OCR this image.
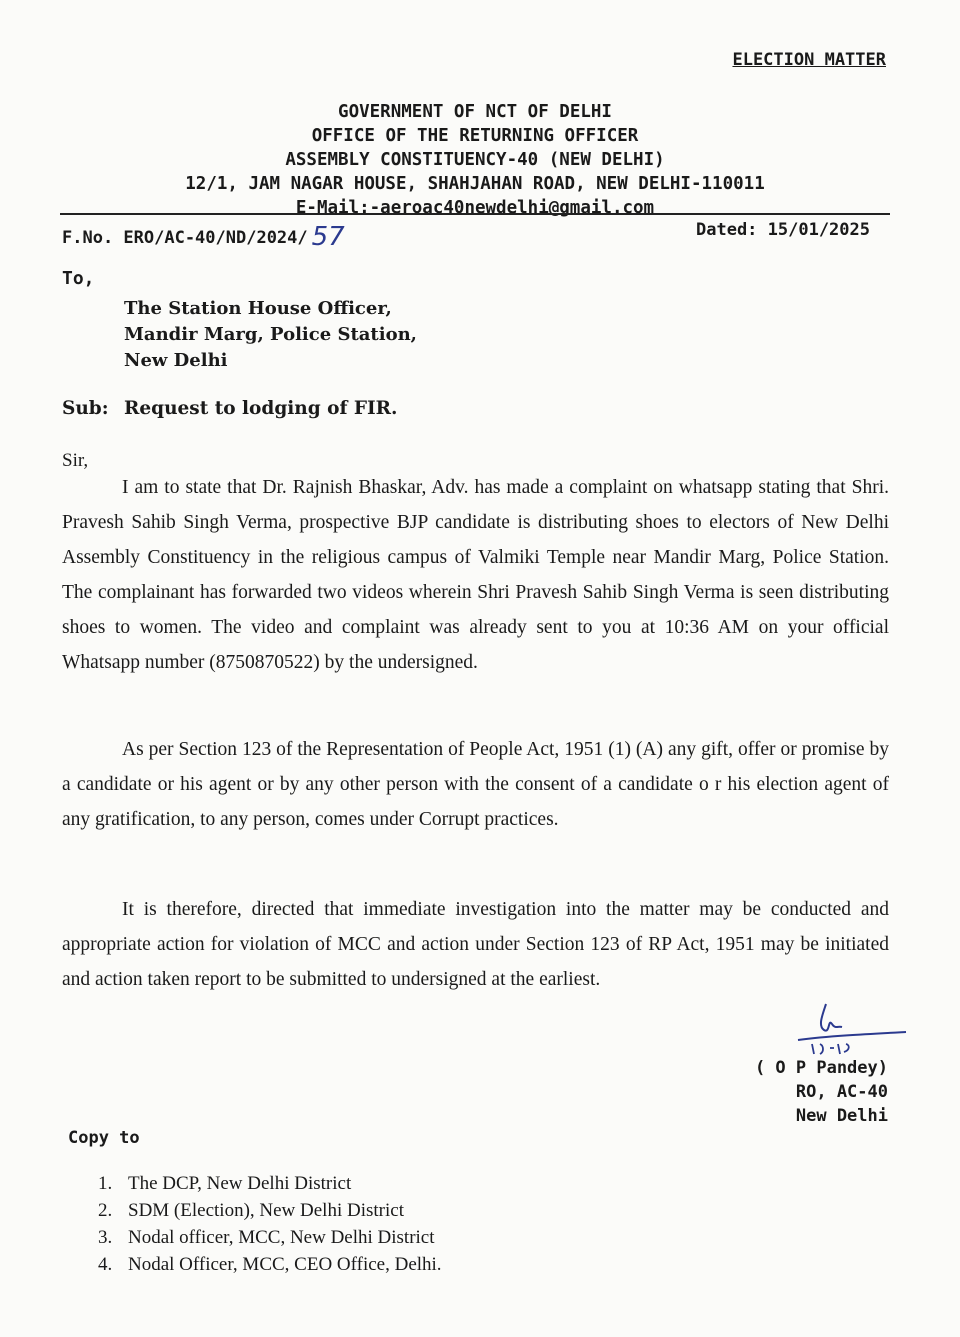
ELECTION MATTER
GOVERNMENT OF NCT OF DELHI
OFFICE OF THE RETURNING OFFICER
ASSEMBLY CONSTITUENCY-40 (NEW DELHI)
12/1, JAM NAGAR HOUSE, SHAHJAHAN ROAD, NEW DELHI-110011
E-Mail:-aeroac40newdelhi@gmail.com
F.No. ERO/AC-40/ND/2024/ 57	Dated: 15/01/2025
To,
The Station House Officer,
Mandir Marg, Police Station,
New Delhi
Sub: Request to lodging of FIR.
Sir,
I am to state that Dr. Rajnish Bhaskar, Adv. has made a complaint on whatsapp stating that Shri. Pravesh Sahib Singh Verma, prospective BJP candidate is distributing shoes to electors of New Delhi Assembly Constituency in the religious campus of Valmiki Temple near Mandir Marg, Police Station. The complainant has forwarded two videos wherein Shri Pravesh Sahib Singh Verma is seen distributing shoes to women. The video and complaint was already sent to you at 10:36 AM on your official Whatsapp number (8750870522) by the undersigned.
As per Section 123 of the Representation of People Act, 1951 (1) (A) any gift, offer or promise by a candidate or his agent or by any other person with the consent of a candidate o r his election agent of any gratification, to any person, comes under Corrupt practices.
It is therefore, directed that immediate investigation into the matter may be conducted and appropriate action for violation of MCC and action under Section 123 of RP Act, 1951 may be initiated and action taken report to be submitted to undersigned at the earliest.
( O P Pandey)
RO, AC-40
New Delhi
Copy to
1. The DCP, New Delhi District
2. SDM (Election), New Delhi District
3. Nodal officer, MCC, New Delhi District
4. Nodal Officer, MCC, CEO Office, Delhi.
